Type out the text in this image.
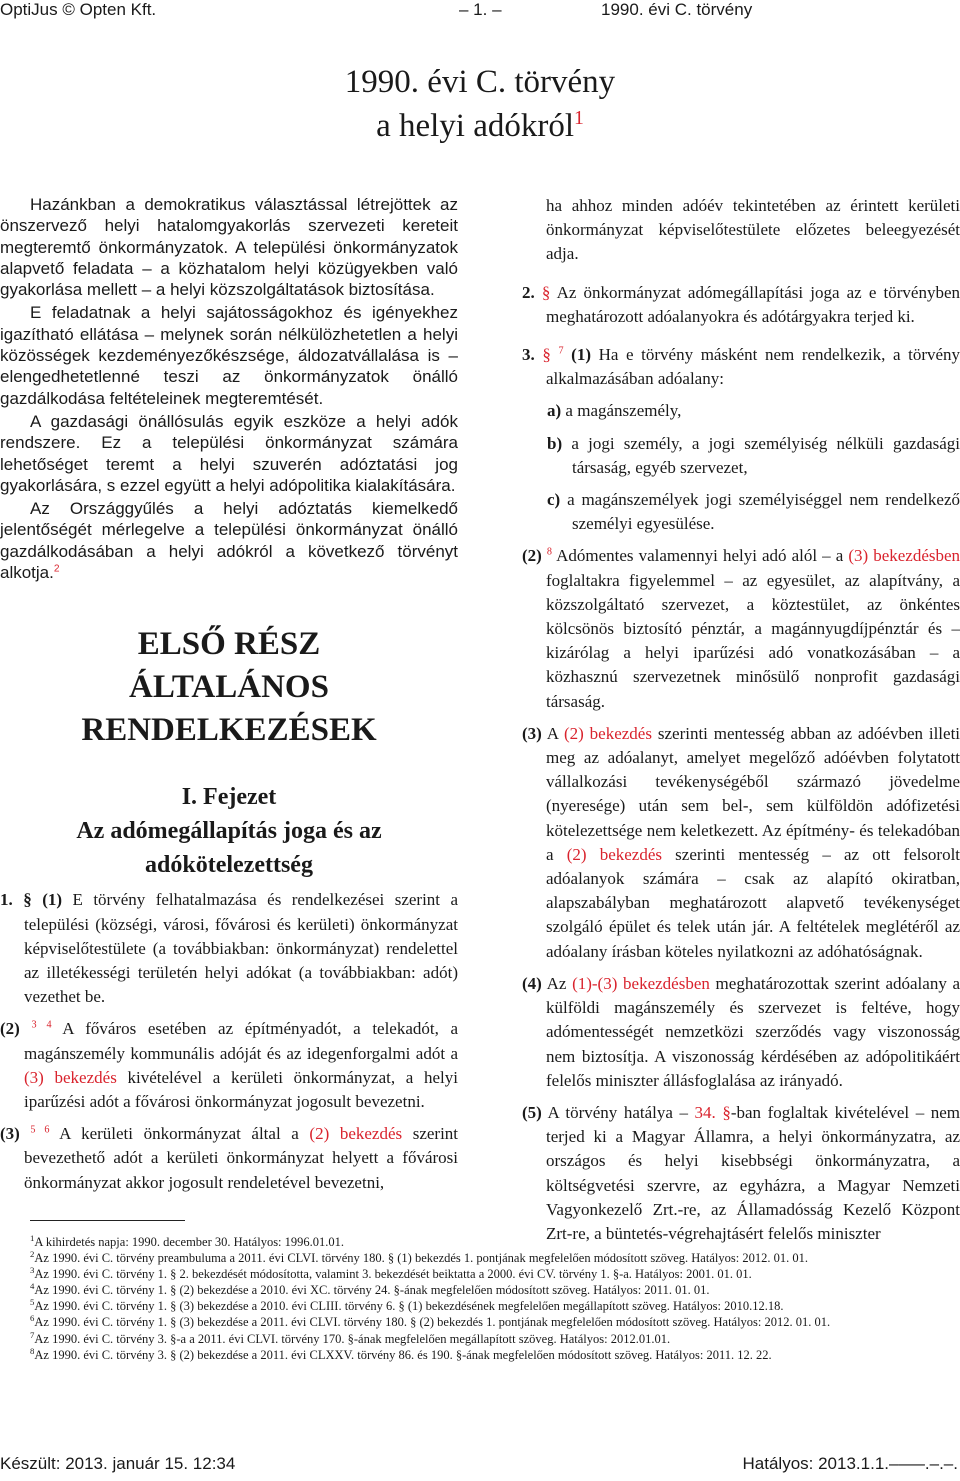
OptiJus © Opten Kft.	– 1. –	1990. évi C. törvény
1990. évi C. törvény
a helyi adókról$^1$

Hazánkban a demokratikus választással létrejöttek az önszervező helyi hatalomgyakorlás szervezeti kereteit megteremtő önkormányzatok. A települési önkormányzatok alapvető feladata – a közhatalom helyi közügyekben való gyakorlása mellett – a helyi közszolgáltatások biztosítása.

E feladatnak a helyi sajátosságokhoz és igényekhez igazítható ellátása – melynek során nélkülözhetetlen a helyi közösségek kezdeményezőkészsége, áldozatvállalása is – elengedhetetlenné teszi az önkormányzatok önálló gazdálkodása feltételeinek megteremtését.

A gazdasági önállósulás egyik eszköze a helyi adók rendszere. Ez a települési önkormányzat számára lehetőséget teremt a helyi szuverén adóztatási jog gyakorlására, s ezzel együtt a helyi adópolitika kialakítására.

Az Országgyűlés a helyi adóztatás kiemelkedő jelentőségét mérlegelve a települési önkormányzat önálló gazdálkodásában a helyi adókról a következő törvényt alkotja.$^2$

ELSŐ RÉSZ
ÁLTALÁNOS
RENDELKEZÉSEK
I. Fejezet
Az adómegállapítás joga és az
adókötelezettség

1. § (1) E törvény felhatalmazása és rendelkezései szerint a települési (községi, városi, fővárosi és kerületi) önkormányzat képviselőtestülete (a továbbiakban: önkormányzat) rendelettel az illetékességi területén helyi adókat (a továbbiakban: adót) vezethet be.

(2) $^{3 4}$ A főváros esetében az építményadót, a telekadót, a magánszemély kommunális adóját és az idegenforgalmi adót a (3) bekezdés kivételével a kerületi önkormányzat, a helyi iparűzési adót a fővárosi önkormányzat jogosult bevezetni.

(3) $^{5 6}$ A kerületi önkormányzat által a (2) bekezdés szerint bevezethető adót a kerületi önkormányzat helyett a fővárosi önkormányzat akkor jogosult rendeletével bevezetni,

ha ahhoz minden adóév tekintetében az érintett kerületi önkormányzat képviselőtestülete előzetes beleegyezését adja.

2. § Az önkormányzat adómegállapítási joga az e törvényben meghatározott adóalanyokra és adótárgyakra terjed ki.

3. § $^7$ (1) Ha e törvény másként nem rendelkezik, a törvény alkalmazásában adóalany:

a) a magánszemély,

b) a jogi személy, a jogi személyiség nélküli gazdasági társaság, egyéb szervezet,

c) a magánszemélyek jogi személyiséggel nem rendelkező személyi egyesülése.

(2) $^8$ Adómentes valamennyi helyi adó alól – a (3) bekezdésben foglaltakra figyelemmel – az egyesület, az alapítvány, a közszolgáltató szervezet, a köztestület, az önkéntes kölcsönös biztosító pénztár, a magánnyugdíjpénztár és – kizárólag a helyi iparűzési adó vonatkozásában – a közhasznú szervezetnek minősülő nonprofit gazdasági társaság.

(3) A (2) bekezdés szerinti mentesség abban az adóévben illeti meg az adóalanyt, amelyet megelőző adóévben folytatott vállalkozási tevékenységéből származó jövedelme (nyeresége) után sem bel-, sem külföldön adófizetési kötelezettsége nem keletkezett. Az építmény- és telekadóban a (2) bekezdés szerinti mentesség – az ott felsorolt adóalanyok számára – csak az alapító okiratban, alapszabályban meghatározott alapvető tevékenységet szolgáló épület és telek után jár. A feltételek meglétéről az adóalany írásban köteles nyilatkozni az adóhatóságnak.

(4) Az (1)-(3) bekezdésben meghatározottak szerint adóalany a külföldi magánszemély és szervezet is feltéve, hogy adómentességét nemzetközi szerződés vagy viszonosság nem biztosítja. A viszonosság kérdésében az adópolitikáért felelős miniszter állásfoglalása az irányadó.

(5) A törvény hatálya – 34. §-ban foglaltak kivételével – nem terjed ki a Magyar Államra, a helyi önkormányzatra, az országos és helyi kisebbségi önkormányzatra, a költségvetési szervre, az egyházra, a Magyar Nemzeti Vagyonkezelő Zrt.-re, az Államadósság Kezelő Központ Zrt-re, a büntetés-végrehajtásért felelős miniszter

$^1$A kihirdetés napja: 1990. december 30. Hatályos: 1996.01.01.

$^2$Az 1990. évi C. törvény preambuluma a 2011. évi CLVI. törvény 180. § (1) bekezdés 1. pontjának megfelelően módosított szöveg. Hatályos: 2012. 01. 01.

$^3$Az 1990. évi C. törvény 1. § 2. bekezdését módosította, valamint 3. bekezdését beiktatta a 2000. évi CV. törvény 1. §-a. Hatályos: 2001. 01. 01.

$^4$Az 1990. évi C. törvény 1. § (2) bekezdése a 2010. évi XC. törvény 24. §-ának megfelelően módosított szöveg. Hatályos: 2011. 01. 01.

$^5$Az 1990. évi C. törvény 1. § (3) bekezdése a 2010. évi CLIII. törvény 6. § (1) bekezdésének megfelelően megállapított szöveg. Hatályos: 2010.12.18.

$^6$Az 1990. évi C. törvény 1. § (3) bekezdése a 2011. évi CLVI. törvény 180. § (2) bekezdés 1. pontjának megfelelően módosított szöveg. Hatályos: 2012. 01. 01.

$^7$Az 1990. évi C. törvény 3. §-a a 2011. évi CLVI. törvény 170. §-ának megfelelően megállapított szöveg. Hatályos: 2012.01.01.

$^8$Az 1990. évi C. törvény 3. § (2) bekezdése a 2011. évi CLXXV. törvény 86. és 190. §-ának megfelelően módosított szöveg. Hatályos: 2011. 12. 22.

Készült: 2013. január 15. 12:34	Hatályos: 2013.1.1.–—–.–.–.
